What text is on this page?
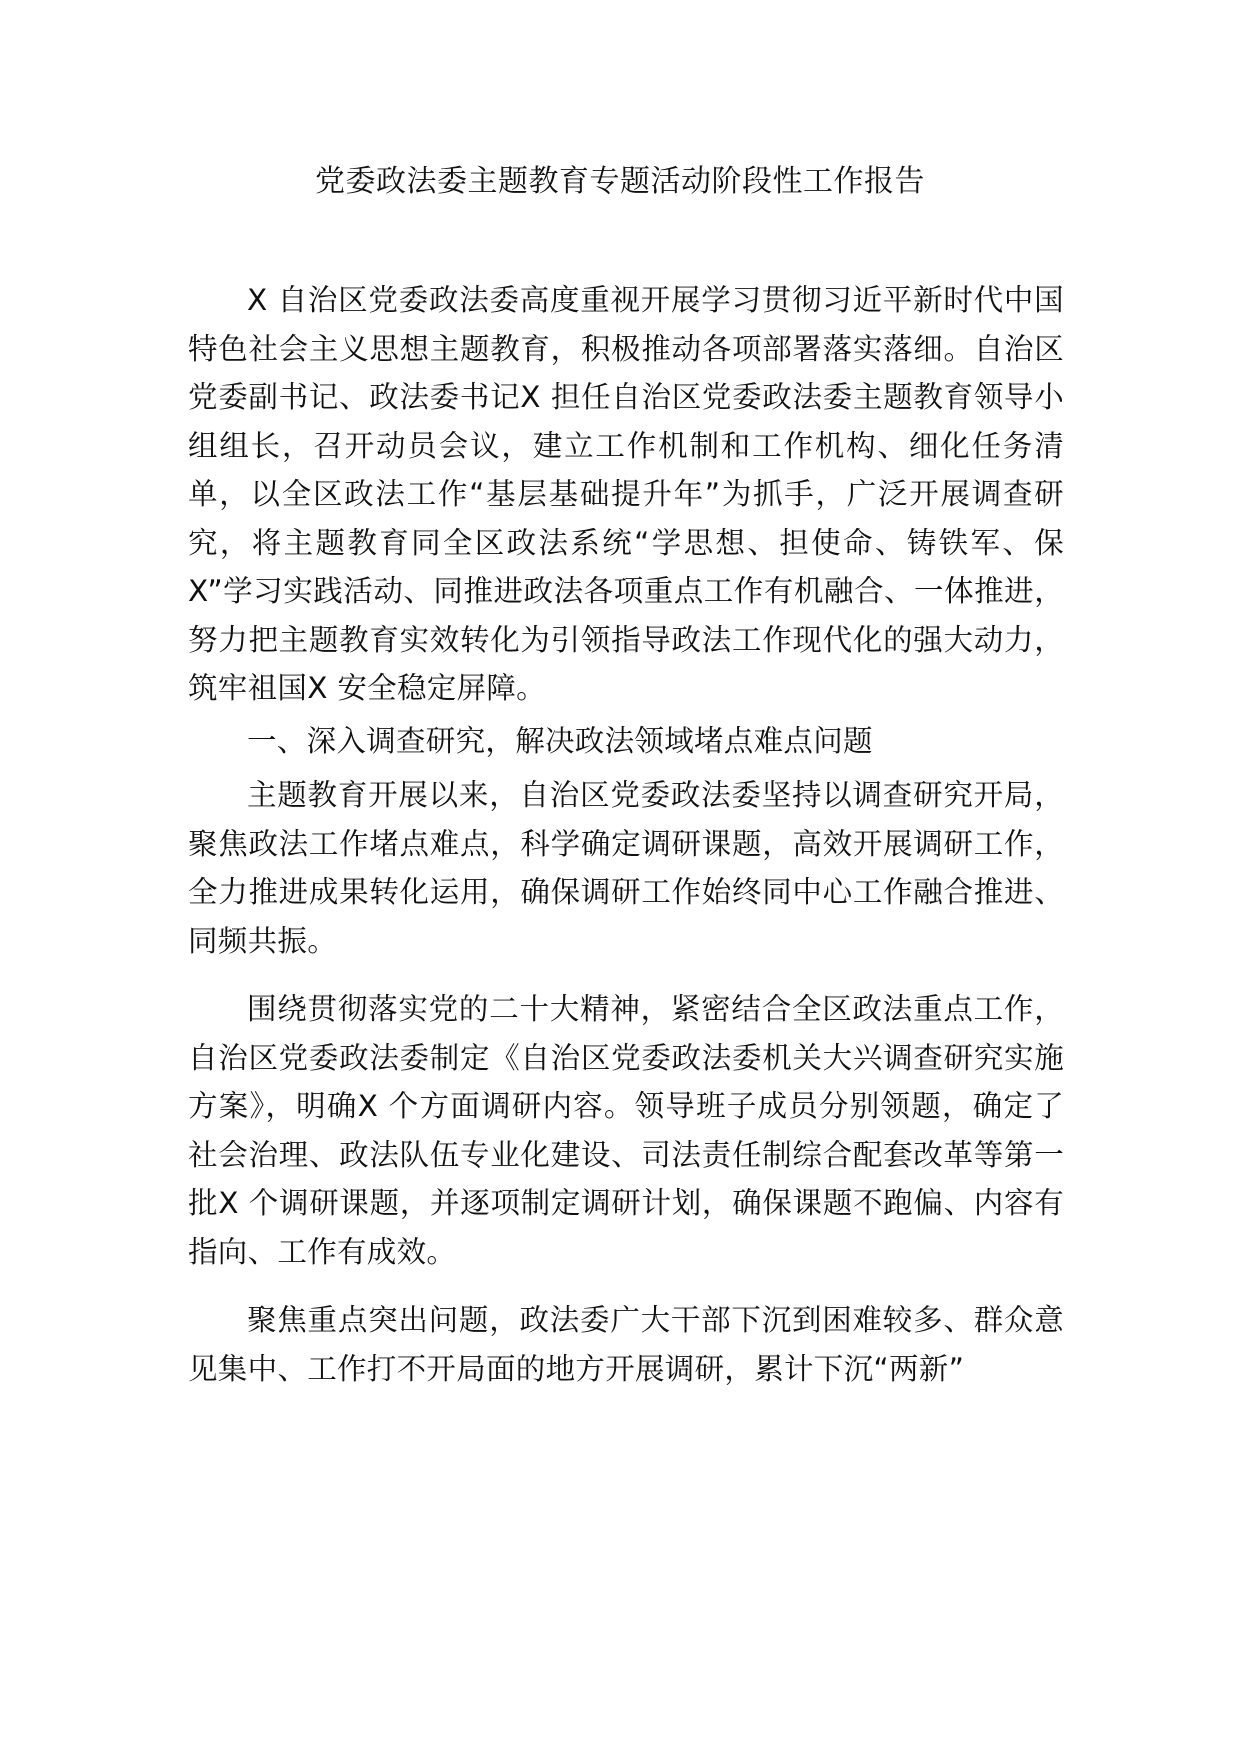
党委政法委主题教育专题活动阶段性工作报告

X 自治区党委政法委高度重视开展学习贯彻习近平新时代中国特色社会主义思想主题教育，积极推动各项部署落实落细。自治区党委副书记、政法委书记X 担任自治区党委政法委主题教育领导小组组长，召开动员会议，建立工作机制和工作机构、细化任务清单，以全区政法工作“基层基础提升年”为抓手，广泛开展调查研究，将主题教育同全区政法系统“学思想、担使命、铸铁军、保X”学习实践活动、同推进政法各项重点工作有机融合、一体推进，努力把主题教育实效转化为引领指导政法工作现代化的强大动力，筑牢祖国X 安全稳定屏障。

一、深入调查研究，解决政法领域堵点难点问题

主题教育开展以来，自治区党委政法委坚持以调查研究开局，聚焦政法工作堵点难点，科学确定调研课题，高效开展调研工作，全力推进成果转化运用，确保调研工作始终同中心工作融合推进、同频共振。

围绕贯彻落实党的二十大精神，紧密结合全区政法重点工作，自治区党委政法委制定《自治区党委政法委机关大兴调查研究实施方案》，明确X 个方面调研内容。领导班子成员分别领题，确定了社会治理、政法队伍专业化建设、司法责任制综合配套改革等第一批X 个调研课题，并逐项制定调研计划，确保课题不跑偏、内容有指向、工作有成效。

聚焦重点突出问题，政法委广大干部下沉到困难较多、群众意见集中、工作打不开局面的地方开展调研，累计下沉“两新”
